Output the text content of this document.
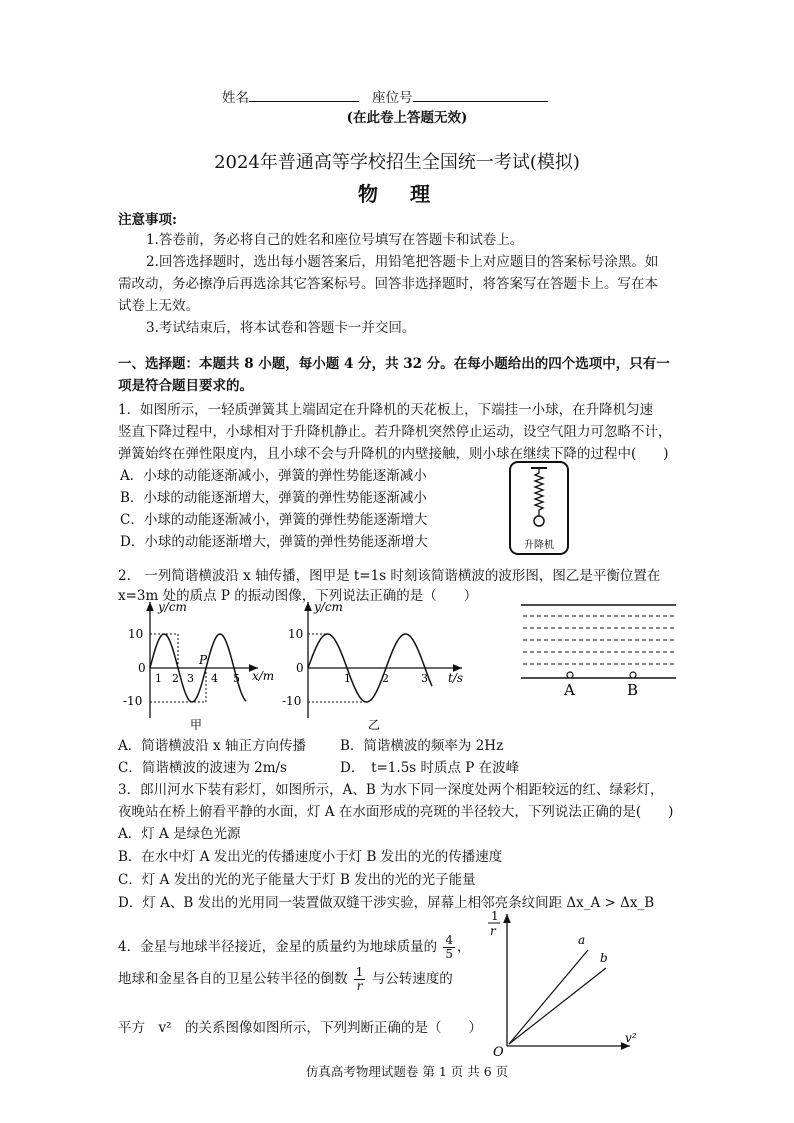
姓名	座位号
(在此卷上答题无效)
2024年普通高等学校招生全国统一考试(模拟)
物　理
注意事项:
1.答卷前，务必将自己的姓名和座位号填写在答题卡和试卷上。
2.回答选择题时，选出每小题答案后，用铅笔把答题卡上对应题目的答案标号涂黑。如
需改动，务必擦净后再选涂其它答案标号。回答非选择题时，将答案写在答题卡上。写在本
试卷上无效。
3.考试结束后，将本试卷和答题卡一并交回。
一、选择题：本题共 8 小题，每小题 4 分，共 32 分。在每小题给出的四个选项中，只有一
项是符合题目要求的。
1．如图所示，一轻质弹簧其上端固定在升降机的天花板上，下端挂一小球，在升降机匀速
竖直下降过程中，小球相对于升降机静止。若升降机突然停止运动，设空气阻力可忽略不计，
弹簧始终在弹性限度内，且小球不会与升降机的内壁接触，则小球在继续下降的过程中(　　)
A．小球的动能逐渐减小，弹簧的弹性势能逐渐减小
B．小球的动能逐渐增大，弹簧的弹性势能逐渐减小
C．小球的动能逐渐减小，弹簧的弹性势能逐渐增大
D．小球的动能逐渐增大，弹簧的弹性势能逐渐增大	升降机
2.　一列简谐横波沿 x 轴传播，图甲是 t=1s 时刻该简谐横波的波形图，图乙是平衡位置在
x=3m 处的质点 P 的振动图像，下列说法正确的是（　　）
y/cm
x/m
10
0
-10
1 2 3 4 5
P
甲
y/cm
t/s
10
0
-10
1	2	3
乙
A	B
A．简谐横波沿 x 轴正方向传播	B．简谐横波的频率为 2Hz
C．简谐横波的波速为 2m/s	D．　t=1.5s 时质点 P 在波峰
3．郎川河水下装有彩灯，如图所示，A、B 为水下同一深度处两个相距较远的红、绿彩灯，
夜晚站在桥上俯看平静的水面，灯 A 在水面形成的亮斑的半径较大，下列说法正确的是(　　)
A．灯 A 是绿色光源
B．在水中灯 A 发出光的传播速度小于灯 B 发出的光的传播速度
C．灯 A 发出的光的光子能量大于灯 B 发出的光的光子能量
D．灯 A、B 发出的光用同一装置做双缝干涉实验，屏幕上相邻亮条纹间距 Δx_A > Δx_B
4．金星与地球半径接近，金星的质量约为地球质量的 $\frac{4}{5}$ ，
地球和金星各自的卫星公转半径的倒数 $\frac{1}{r}$ 与公转速度的
平方　v²　的关系图像如图所示，下列判断正确的是（　　）
1
r
v²
O
a
b
仿真高考物理试题卷 第 1 页 共 6 页
